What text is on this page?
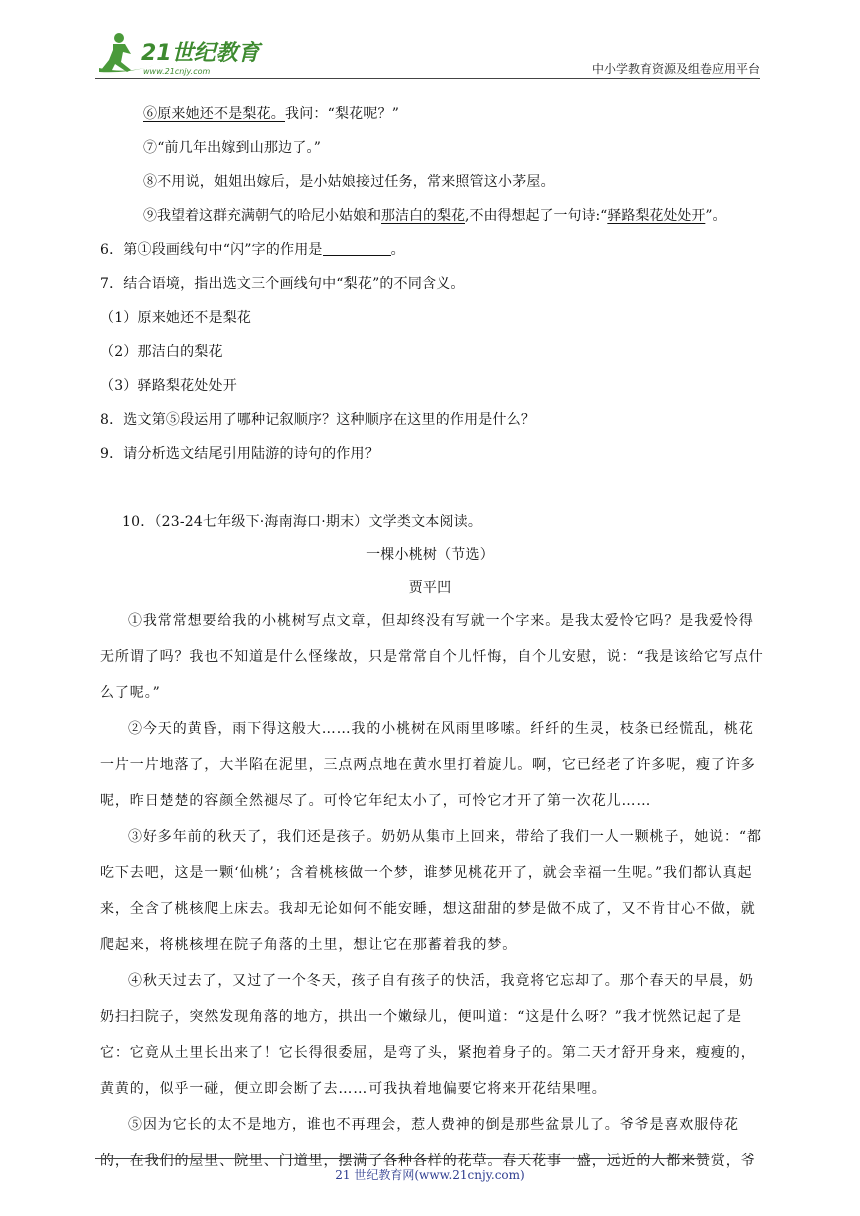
21世纪教育
www.21cnjy.com	中小学教育资源及组卷应用平台
⑥原来她还不是梨花。我问：“梨花呢？”
⑦“前几年出嫁到山那边了。”
⑧不用说，姐姐出嫁后，是小姑娘接过任务，常来照管这小茅屋。
⑨我望着这群充满朝气的哈尼小姑娘和那洁白的梨花,不由得想起了一句诗:“驿路梨花处处开”。
6．第①段画线句中“闪”字的作用是	。
7．结合语境，指出选文三个画线句中“梨花”的不同含义。
（1）原来她还不是梨花
（2）那洁白的梨花
（3）驿路梨花处处开
8．选文第⑤段运用了哪种记叙顺序？这种顺序在这里的作用是什么？
9．请分析选文结尾引用陆游的诗句的作用？
10．（23-24七年级下·海南海口·期末）文学类文本阅读。
一棵小桃树（节选）
贾平凹

①我常常想要给我的小桃树写点文章，但却终没有写就一个字来。是我太爱怜它吗？是我爱怜得无所谓了吗？我也不知道是什么怪缘故，只是常常自个儿忏悔，自个儿安慰，说：“我是该给它写点什么了呢。”

②今天的黄昏，雨下得这般大……我的小桃树在风雨里哆嗦。纤纤的生灵，枝条已经慌乱，桃花一片一片地落了，大半陷在泥里，三点两点地在黄水里打着旋儿。啊，它已经老了许多呢，瘦了许多呢，昨日楚楚的容颜全然褪尽了。可怜它年纪太小了，可怜它才开了第一次花儿……

③好多年前的秋天了，我们还是孩子。奶奶从集市上回来，带给了我们一人一颗桃子，她说：“都吃下去吧，这是一颗‘仙桃’；含着桃核做一个梦，谁梦见桃花开了，就会幸福一生呢。”我们都认真起来，全含了桃核爬上床去。我却无论如何不能安睡，想这甜甜的梦是做不成了，又不肯甘心不做，就爬起来，将桃核埋在院子角落的土里，想让它在那蓄着我的梦。

④秋天过去了，又过了一个冬天，孩子自有孩子的快活，我竟将它忘却了。那个春天的早晨，奶奶扫扫院子，突然发现角落的地方，拱出一个嫩绿儿，便叫道：“这是什么呀？”我才恍然记起了是它：它竟从土里长出来了！它长得很委屈，是弯了头，紧抱着身子的。第二天才舒开身来，瘦瘦的，黄黄的，似乎一碰，便立即会断了去……可我执着地偏要它将来开花结果哩。

⑤因为它长的太不是地方，谁也不再理会，惹人费神的倒是那些盆景儿了。爷爷是喜欢服侍花的，在我们的屋里、院里、门道里，摆满了各种各样的花草。春天花事一盛，远近的人都来赞赏，爷

21 世纪教育网(www.21cnjy.com)
